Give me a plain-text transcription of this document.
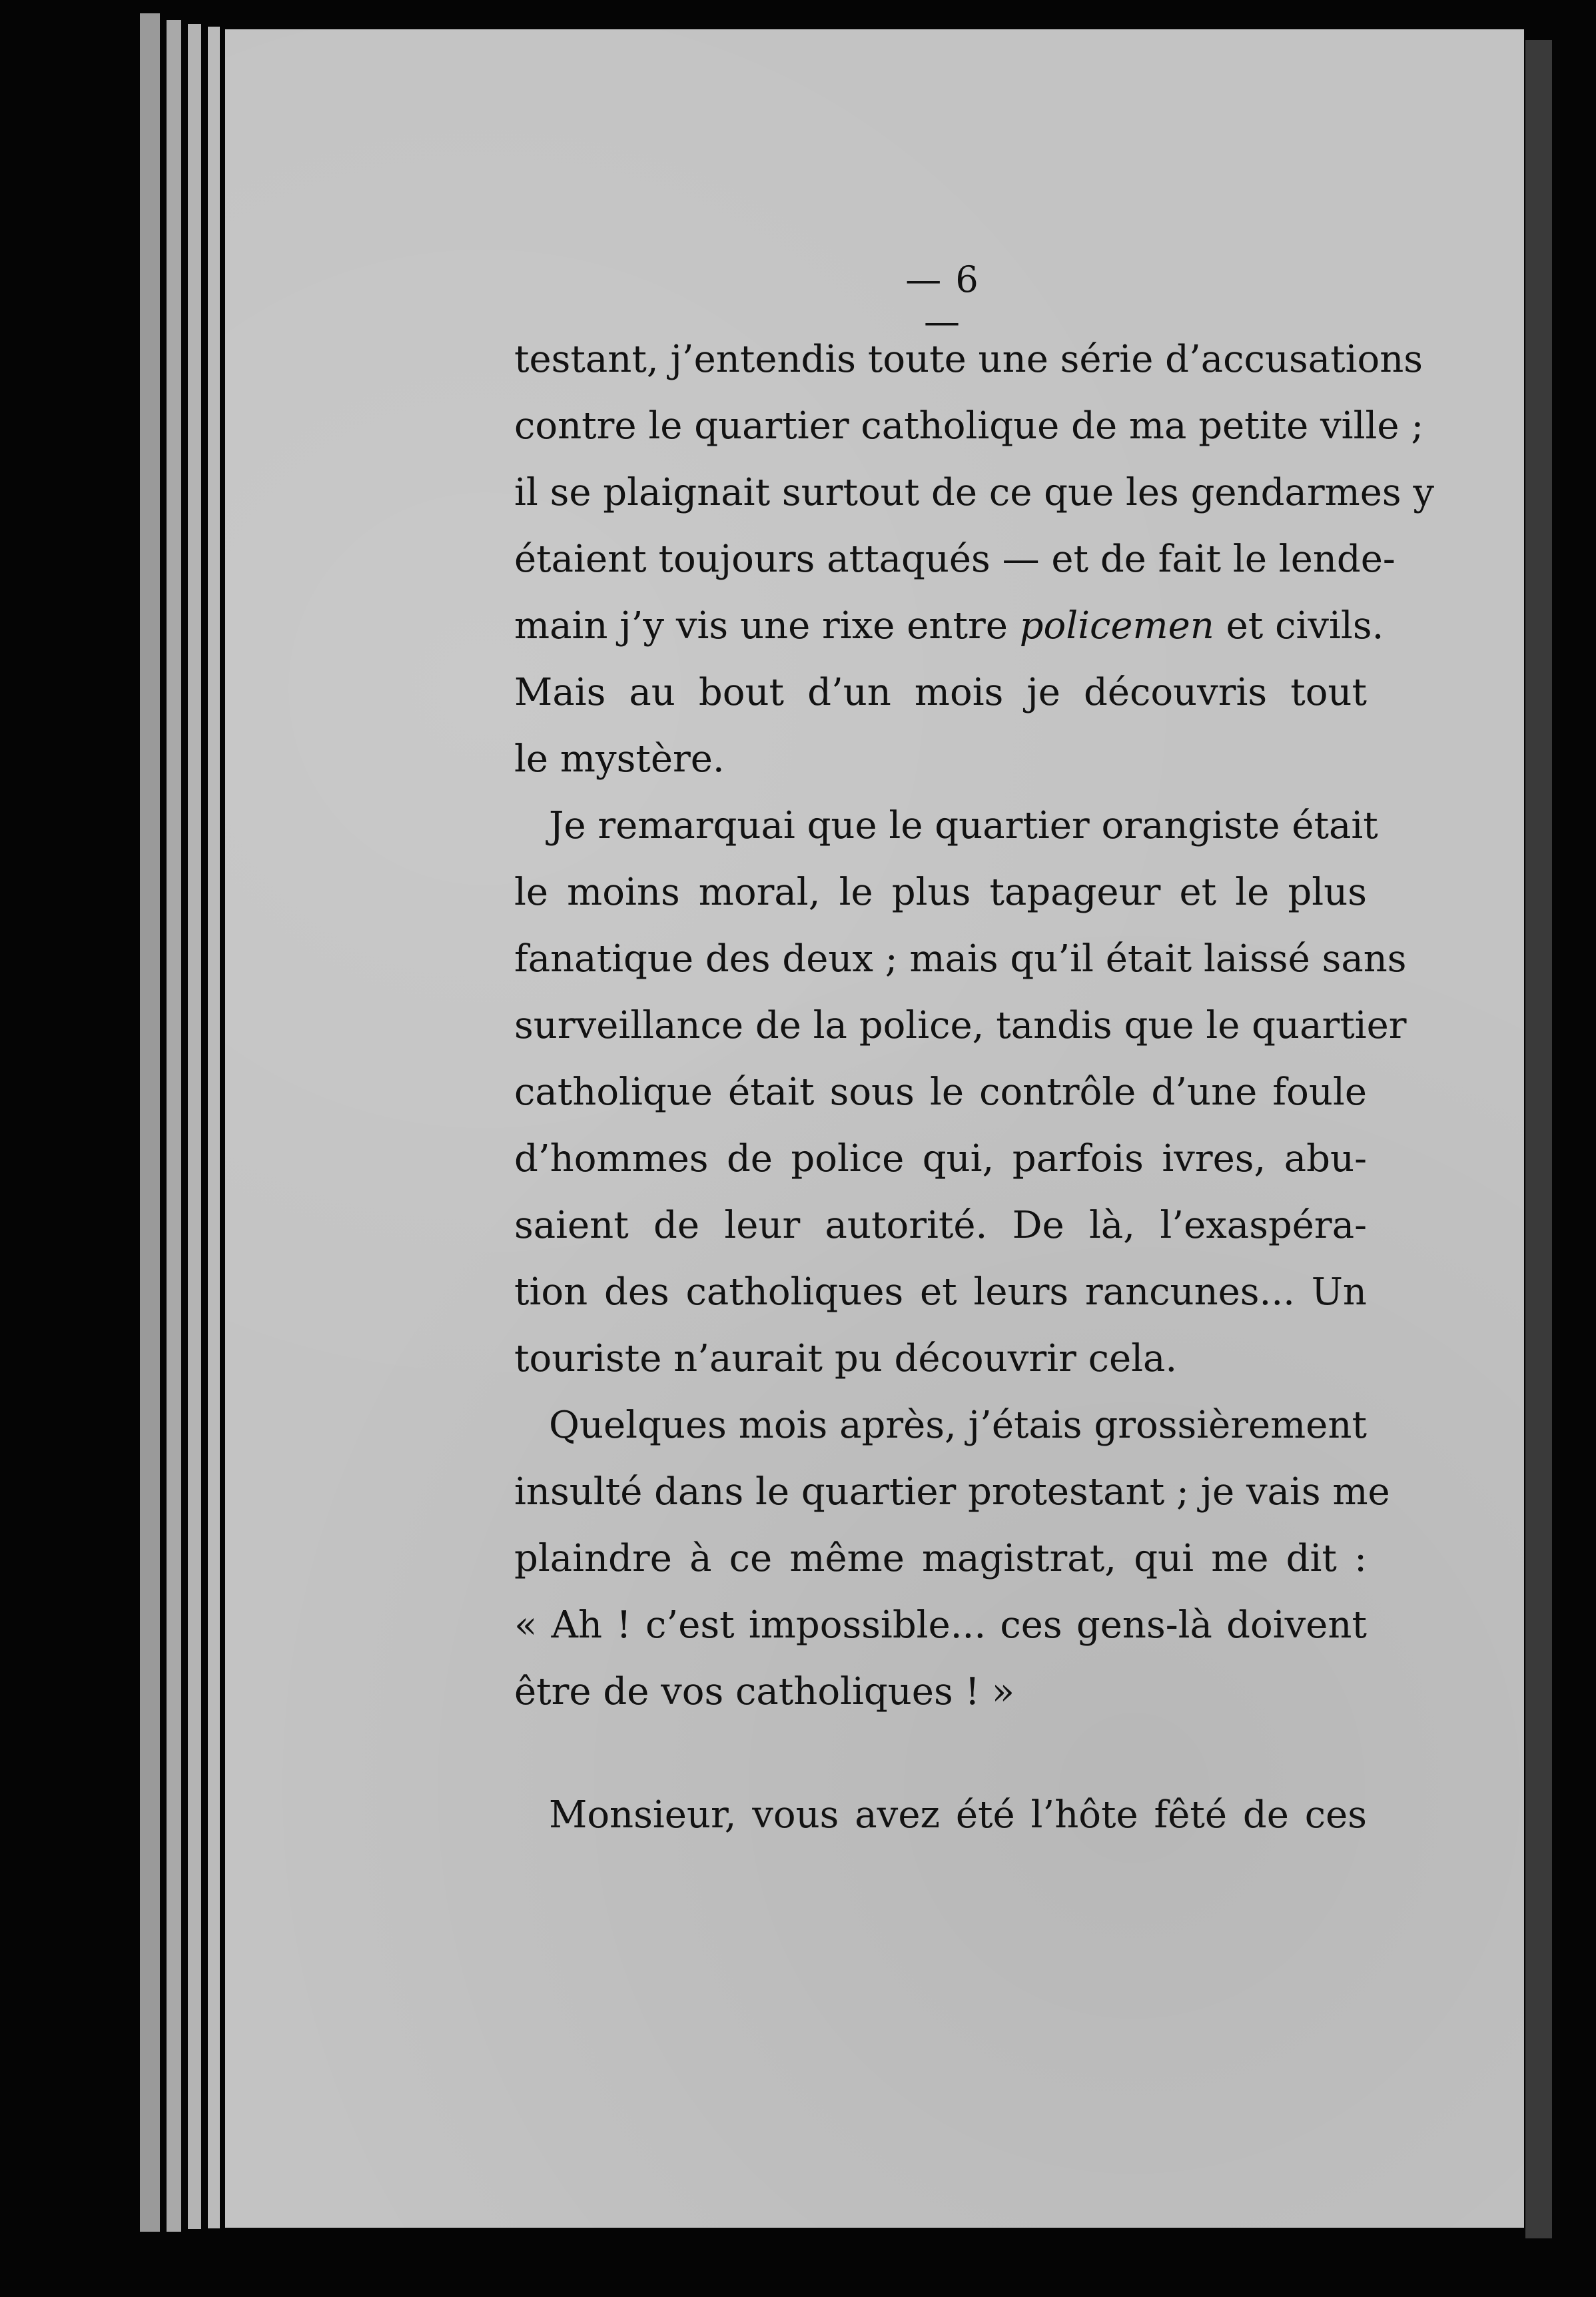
— 6 —
testant, j’entendis toute une série d’accusations
contre le quartier catholique de ma petite ville ;
il se plaignait surtout de ce que les gendarmes y
étaient toujours attaqués — et de fait le lende-
main j’y vis une rixe entre policemen et civils.
Mais au bout d’un mois je découvris tout
le mystère.
Je remarquai que le quartier orangiste était
le moins moral, le plus tapageur et le plus
fanatique des deux ; mais qu’il était laissé sans
surveillance de la police, tandis que le quartier
catholique était sous le contrôle d’une foule
d’hommes de police qui, parfois ivres, abu-
saient de leur autorité. De là, l’exaspéra-
tion des catholiques et leurs rancunes... Un
touriste n’aurait pu découvrir cela.
Quelques mois après, j’étais grossièrement
insulté dans le quartier protestant ; je vais me
plaindre à ce même magistrat, qui me dit :
« Ah ! c’est impossible... ces gens-là doivent
être de vos catholiques ! »
Monsieur, vous avez été l’hôte fêté de ces
